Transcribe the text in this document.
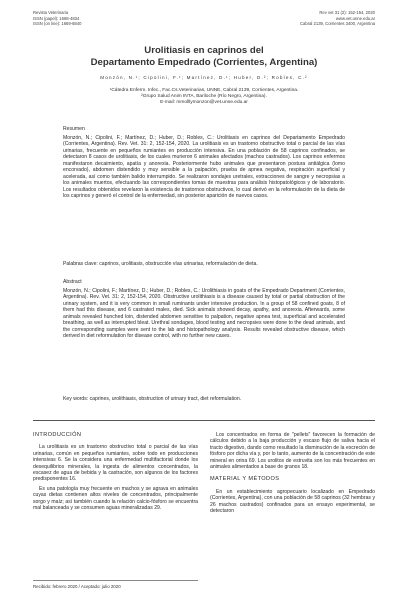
Revista Veterinaria
ISSN (papel): 1668-4834
ISSN (on line): 1669-6840
Rev vet 31 (2): 152-154, 2020
www.vet.unne.edu.ar
Cabral 2139, Corrientes 3400, Argentina
Urolitiasis en caprinos del
Departamento Empedrado (Corrientes, Argentina)
Monzón, N.¹; Cipolini, F.¹; Martínez, D.¹; Huber, D.²; Robles, C.²
¹Cátedra Enferm. Infec., Fac.Cs.Veterinarias, UNNE, Cabral 2139, Corrientes, Argentina.
²Grupo Salud Anim INTA, Bariloche (Río Negro, Argentina).
E-mail: mmolllymonzon@vet.unne.edu.ar
Resumen
Monzón, N.; Cipolini, F.; Martínez, D.; Huber, D.; Robles, C.: Urolitiasis en caprinos del Departamento Empedrado (Corrientes, Argentina). Rev. Vet. 31: 2, 152-154, 2020. La urolitiasis es un trastorno obstructivo total o parcial de las vías urinarias, frecuente en pequeños rumiantes en producción intensiva. En una población de 58 caprinos confinados, se detectaron 8 casos de urolitiasis, de los cuales murieron 6 animales afectados (machos castrados). Los caprinos enfermos manifestaron decaimiento, apatía y anorexia. Posteriormente hubo animales que presentaron postura antiálgica (lomo encorvado), abdomen distendido y muy sensible a la palpación, prueba de apnea negativa, respiración superficial y acelerada, así como también balido interrumpido. Se realizaron sondajes uretrales, extracciones de sangre y necropsias a los animales muertos, efectuando las correspondientes tomas de muestras para análisis histopatológicos y de laboratorio. Los resultados obtenidos revelaron la existencia de trastornos obstructivos, lo cual derivó en la reformulación de la dieta de los caprinos y generó el control de la enfermedad, sin posterior aparición de nuevos casos.
Palabras clave: caprinos, urolitiasis, obstrucción vías urinarias, reformulación de dieta.
Abstract
Monzón, N.; Cipolini, F.; Martínez, D.; Huber, D.; Robles, C.: Urolithiasis in goats of the Empedrado Department (Corrientes, Argentina). Rev. Vet. 31: 2, 152-154, 2020. Obstructive urolithiasis is a disease caused by total or partial obstruction of the urinary system, and it is very common in small ruminants under intensive production. In a group of 58 confined goats, 8 of them had this disease, and 6 castrated males, died. Sick animals showed decay, apathy, and anorexia. Afterwards, some animals revealed hunched loin, distended abdomen sensitive to palpation, negative apnea test, superficial and accelerated breathing, as well as interrupted bleat. Urethral sondages, blood testing and necropsies were done to the dead animals, and the corresponding samples were sent to the lab and histopathology analysis. Results revealed obstructive disease, which derived in diet reformulation for disease control, with no further new cases.
Key words: caprines, urolithiasis, obstruction of urinary tract, diet reformulation.
INTRODUCCIÓN

La urolitiasis es un trastorno obstructivo total o parcial de las vías urinarias, común en pequeños rumiantes, sobre todo en producciones intensivas 6. Se la considera una enfermedad multifactorial donde los desequilibrios minerales, la ingesta de alimentos concentrados, la escasez de agua de bebida y la castración, son algunos de los factores predisponentes 16.

Es una patología muy frecuente en machos y se agrava en animales cuyas dietas contienen altos niveles de concentrados, principalmente sorgo y maíz; así también cuando la relación calcio-fósforo se encuentra mal balanceada y se consumen aguas mineralizadas 29.

Los concentrados en forma de "pellets" favorecen la formación de cálculos debido a la baja producción y escaso flujo de saliva hacia el tracto digestivo, dando como resultado la disminución de la excreción de fósforo por dicha vía y, por lo tanto, aumento de la concentración de este mineral en orina 69. Los urolitos de estruvita son los más frecuentes en animales alimentados a base de granos 18.

MATERIAL Y MÉTODOS

En un establecimiento agropecuario localizado en Empedrado (Corrientes, Argentina), con una población de 58 caprinos (32 hembras y 26 machos castrados) confinados para un ensayo experimental, se detectaron

Recibido: febrero 2020 / Aceptado: julio 2020
